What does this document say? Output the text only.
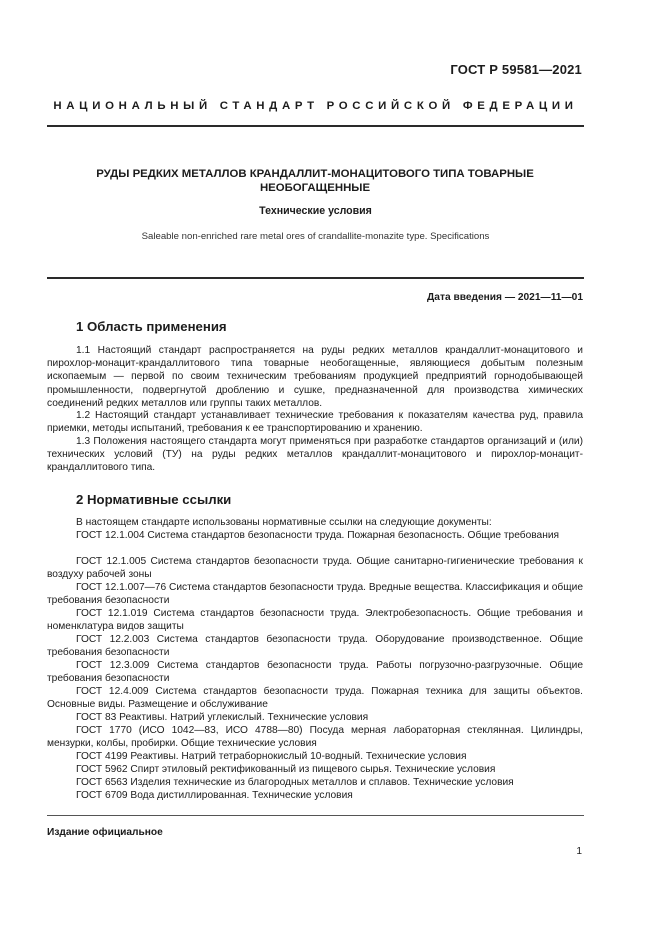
ГОСТ Р 59581—2021
НАЦИОНАЛЬНЫЙ СТАНДАРТ РОССИЙСКОЙ ФЕДЕРАЦИИ
РУДЫ РЕДКИХ МЕТАЛЛОВ КРАНДАЛЛИТ-МОНАЦИТОВОГО ТИПА ТОВАРНЫЕ НЕОБОГАЩЕННЫЕ
Технические условия
Saleable non-enriched rare metal ores of crandallite-monazite type. Specifications
Дата введения — 2021—11—01
1 Область применения
1.1 Настоящий стандарт распространяется на руды редких металлов крандаллит-монацитового и пирохлор-монацит-крандаллитового типа товарные необогащенные, являющиеся добытым полезным ископаемым — первой по своим техническим требованиям продукцией предприятий горнодобывающей промышленности, подвергнутой дроблению и сушке, предназначенной для производства химических соединений редких металлов или группы таких металлов.
1.2 Настоящий стандарт устанавливает технические требования к показателям качества руд, правила приемки, методы испытаний, требования к ее транспортированию и хранению.
1.3 Положения настоящего стандарта могут применяться при разработке стандартов организаций и (или) технических условий (ТУ) на руды редких металлов крандаллит-монацитового и пирохлор-монацит-крандаллитового типа.
2 Нормативные ссылки
В настоящем стандарте использованы нормативные ссылки на следующие документы:
ГОСТ 12.1.004 Система стандартов безопасности труда. Пожарная безопасность. Общие требования
ГОСТ 12.1.005 Система стандартов безопасности труда. Общие санитарно-гигиенические требования к воздуху рабочей зоны
ГОСТ 12.1.007—76 Система стандартов безопасности труда. Вредные вещества. Классификация и общие требования безопасности
ГОСТ 12.1.019 Система стандартов безопасности труда. Электробезопасность. Общие требования и номенклатура видов защиты
ГОСТ 12.2.003 Система стандартов безопасности труда. Оборудование производственное. Общие требования безопасности
ГОСТ 12.3.009 Система стандартов безопасности труда. Работы погрузочно-разгрузочные. Общие требования безопасности
ГОСТ 12.4.009 Система стандартов безопасности труда. Пожарная техника для защиты объектов. Основные виды. Размещение и обслуживание
ГОСТ 83 Реактивы. Натрий углекислый. Технические условия
ГОСТ 1770 (ИСО 1042—83, ИСО 4788—80) Посуда мерная лабораторная стеклянная. Цилиндры, мензурки, колбы, пробирки. Общие технические условия
ГОСТ 4199 Реактивы. Натрий тетраборнокислый 10-водный. Технические условия
ГОСТ 5962 Спирт этиловый ректификованный из пищевого сырья. Технические условия
ГОСТ 6563 Изделия технические из благородных металлов и сплавов. Технические условия
ГОСТ 6709 Вода дистиллированная. Технические условия
Издание официальное
1
